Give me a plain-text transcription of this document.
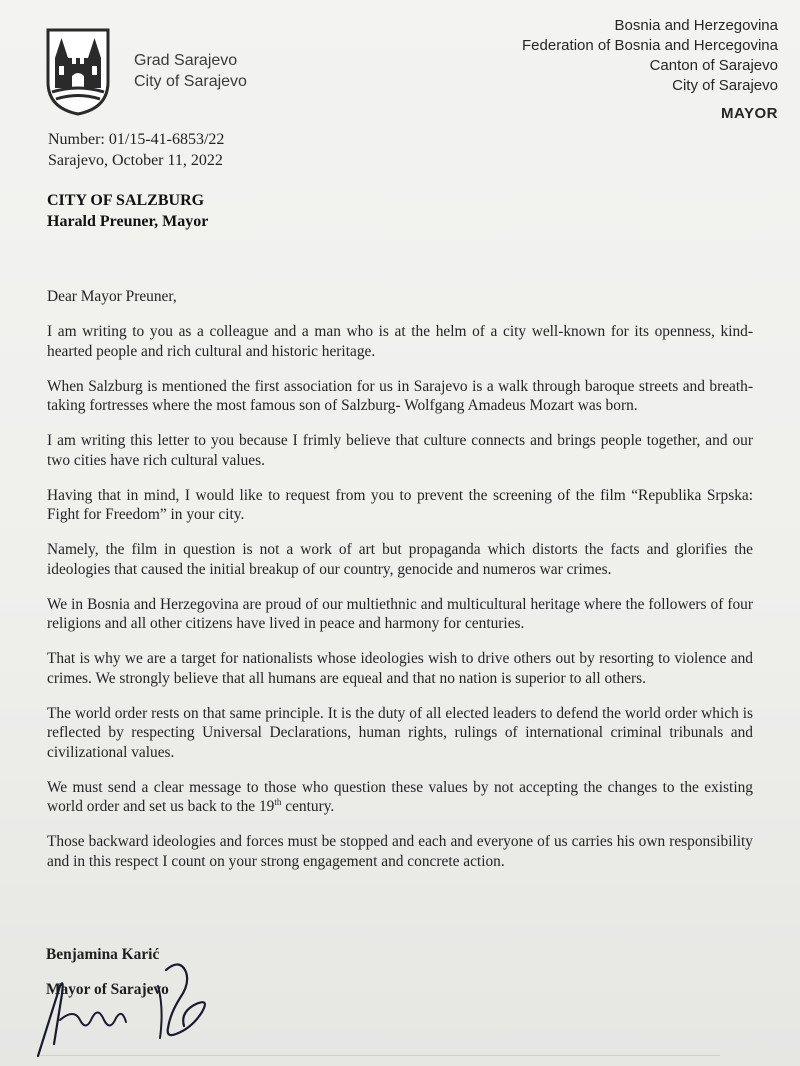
Grad Sarajevo
City of Sarajevo
Bosnia and Herzegovina
Federation of Bosnia and Hercegovina
Canton of Sarajevo
City of Sarajevo
MAYOR
Number: 01/15-41-6853/22
Sarajevo, October 11, 2022
CITY OF SALZBURG
Harald Preuner, Mayor

Dear Mayor Preuner,

I am writing to you as a colleague and a man who is at the helm of a city well-known for its openness, kind-hearted people and rich cultural and historic heritage.

When Salzburg is mentioned the first association for us in Sarajevo is a walk through baroque streets and breath-taking fortresses where the most famous son of Salzburg- Wolfgang Amadeus Mozart was born.

I am writing this letter to you because I frimly believe that culture connects and brings people together, and our two cities have rich cultural values.

Having that in mind, I would like to request from you to prevent the screening of the film “Republika Srpska: Fight for Freedom” in your city.

Namely, the film in question is not a work of art but propaganda which distorts the facts and glorifies the ideologies that caused the initial breakup of our country, genocide and numeros war crimes.

We in Bosnia and Herzegovina are proud of our multiethnic and multicultural heritage where the followers of four religions and all other citizens have lived in peace and harmony for centuries.

That is why we are a target for nationalists whose ideologies wish to drive others out by resorting to violence and crimes. We strongly believe that all humans are equeal and that no nation is superior to all others.

The world order rests on that same principle. It is the duty of all elected leaders to defend the world order which is reflected by respecting Universal Declarations, human rights, rulings of international criminal tribunals and civilizational values.

We must send a clear message to those who question these values by not accepting the changes to the existing world order and set us back to the 19th century.

Those backward ideologies and forces must be stopped and each and everyone of us carries his own responsibility and in this respect I count on your strong engagement and concrete action.

Benjamina Karić
Mayor of Sarajevo
